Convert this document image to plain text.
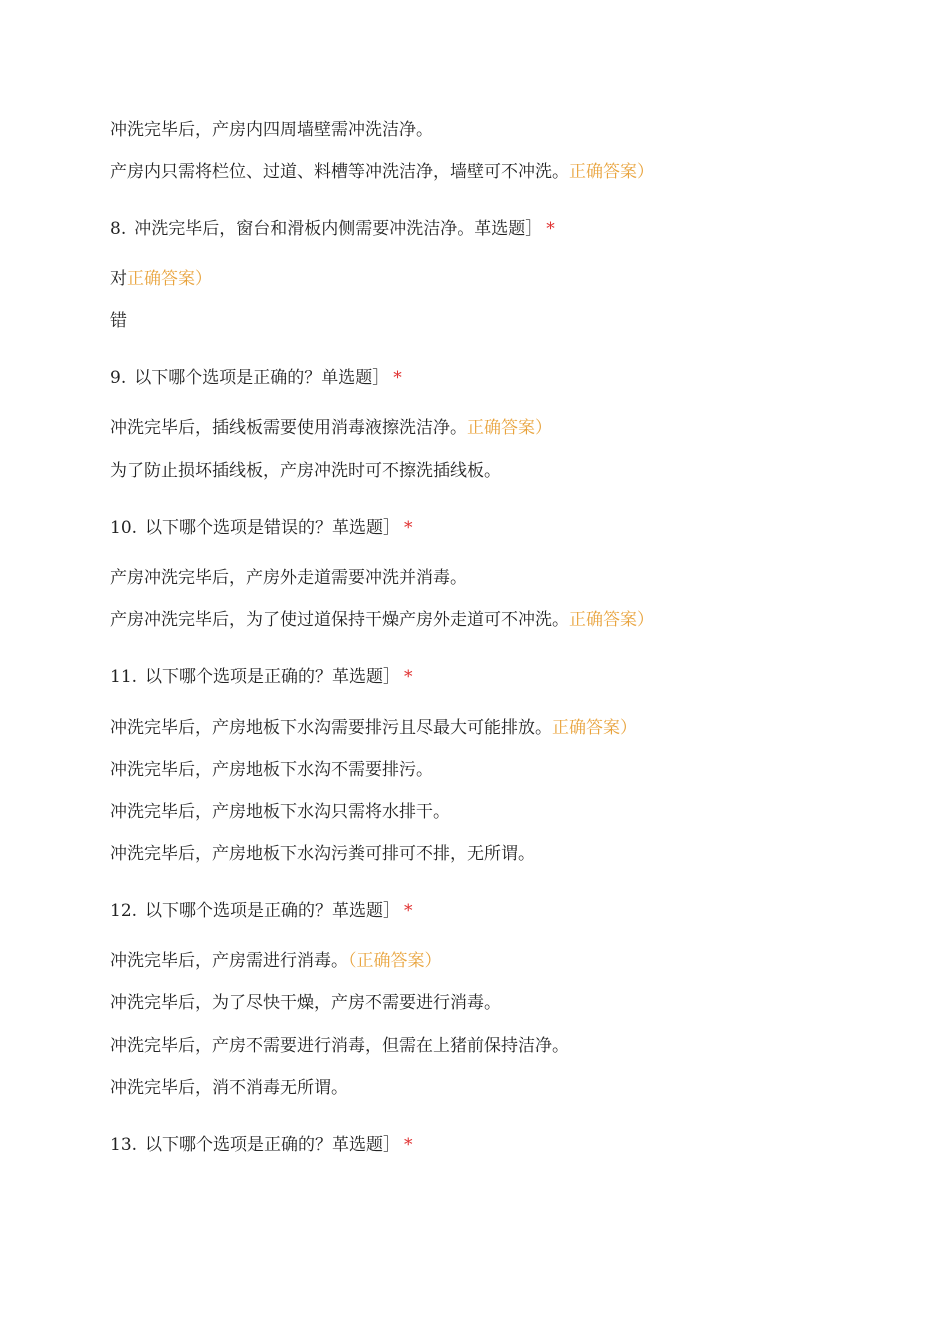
冲洗完毕后，产房内四周墙壁需冲洗洁净。
产房内只需将栏位、过道、料槽等冲洗洁净，墙壁可不冲洗。正确答案）
8. 冲洗完毕后，窗台和滑板内侧需要冲洗洁净。革选题］ *
对正确答案）
错
9. 以下哪个选项是正确的？单选题］ *
冲洗完毕后，插线板需要使用消毒液擦洗洁净。正确答案）
为了防止损坏插线板，产房冲洗时可不擦洗插线板。
10. 以下哪个选项是错误的？革选题］ *
产房冲洗完毕后，产房外走道需要冲洗并消毒。
产房冲洗完毕后，为了使过道保持干燥产房外走道可不冲洗。正确答案）
11. 以下哪个选项是正确的？革选题］ *
冲洗完毕后，产房地板下水沟需要排污且尽最大可能排放。正确答案）
冲洗完毕后，产房地板下水沟不需要排污。
冲洗完毕后，产房地板下水沟只需将水排干。
冲洗完毕后，产房地板下水沟污粪可排可不排，无所谓。
12. 以下哪个选项是正确的？革选题］ *
冲洗完毕后，产房需进行消毒。（正确答案）
冲洗完毕后，为了尽快干燥，产房不需要进行消毒。
冲洗完毕后，产房不需要进行消毒，但需在上猪前保持洁净。
冲洗完毕后，消不消毒无所谓。
13. 以下哪个选项是正确的？革选题］ *
